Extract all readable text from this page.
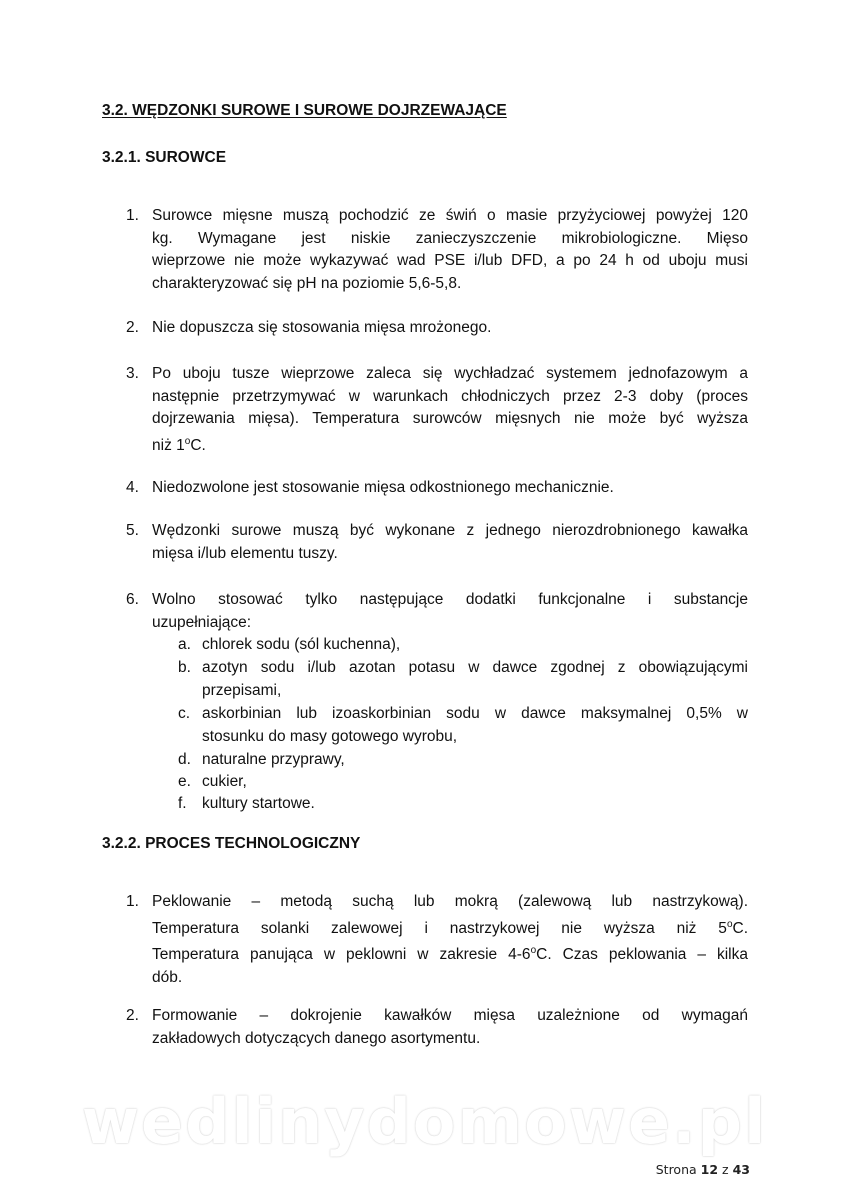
3.2. WĘDZONKI SUROWE I SUROWE DOJRZEWAJĄCE
3.2.1. SUROWCE
1. Surowce mięsne muszą pochodzić ze świń o masie przyżyciowej powyżej 120
kg. Wymagane jest niskie zanieczyszczenie mikrobiologiczne. Mięso
wieprzowe nie może wykazywać wad PSE i/lub DFD, a po 24 h od uboju musi
charakteryzować się pH na poziomie 5,6-5,8.
2. Nie dopuszcza się stosowania mięsa mrożonego.
3. Po uboju tusze wieprzowe zaleca się wychładzać systemem jednofazowym a
następnie przetrzymywać w warunkach chłodniczych przez 2-3 doby (proces
dojrzewania mięsa). Temperatura surowców mięsnych nie może być wyższa
niż 1$^o$C.
4. Niedozwolone jest stosowanie mięsa odkostnionego mechanicznie.
5. Wędzonki surowe muszą być wykonane z jednego nierozdrobnionego kawałka
mięsa i/lub elementu tuszy.
6. Wolno stosować tylko następujące dodatki funkcjonalne i substancje
uzupełniające:
a. chlorek sodu (sól kuchenna),
b. azotyn sodu i/lub azotan potasu w dawce zgodnej z obowiązującymi
przepisami,
c. askorbinian lub izoaskorbinian sodu w dawce maksymalnej 0,5% w
stosunku do masy gotowego wyrobu,
d. naturalne przyprawy,
e. cukier,
f. kultury startowe.
3.2.2. PROCES TECHNOLOGICZNY
1. Peklowanie – metodą suchą lub mokrą (zalewową lub nastrzykową).
Temperatura solanki zalewowej i nastrzykowej nie wyższa niż 5$^o$C.
Temperatura panująca w peklowni w zakresie 4-6$^o$C. Czas peklowania – kilka
dób.
2. Formowanie – dokrojenie kawałków mięsa uzależnione od wymagań
zakładowych dotyczących danego asortymentu.
wedlinydomowe.pl
Strona 12 z 43
